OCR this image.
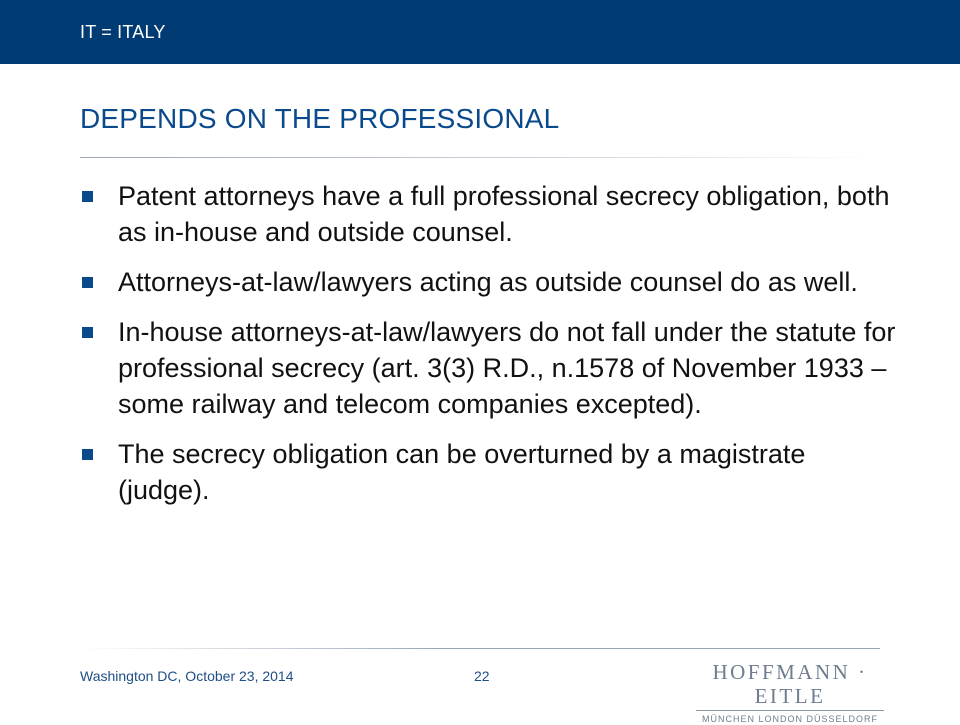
IT = ITALY
DEPENDS ON THE PROFESSIONAL
Patent attorneys have a full professional secrecy obligation, both as in-house and outside counsel.
Attorneys-at-law/lawyers acting as outside counsel do as well.
In-house attorneys-at-law/lawyers do not fall under the statute for professional secrecy (art. 3(3) R.D., n.1578 of November 1933 – some railway and telecom companies excepted).
The secrecy obligation can be overturned by a magistrate (judge).
Washington DC, October 23, 2014	22	HOFFMANN · EITLE
MÜNCHEN LONDON DÜSSELDORF
